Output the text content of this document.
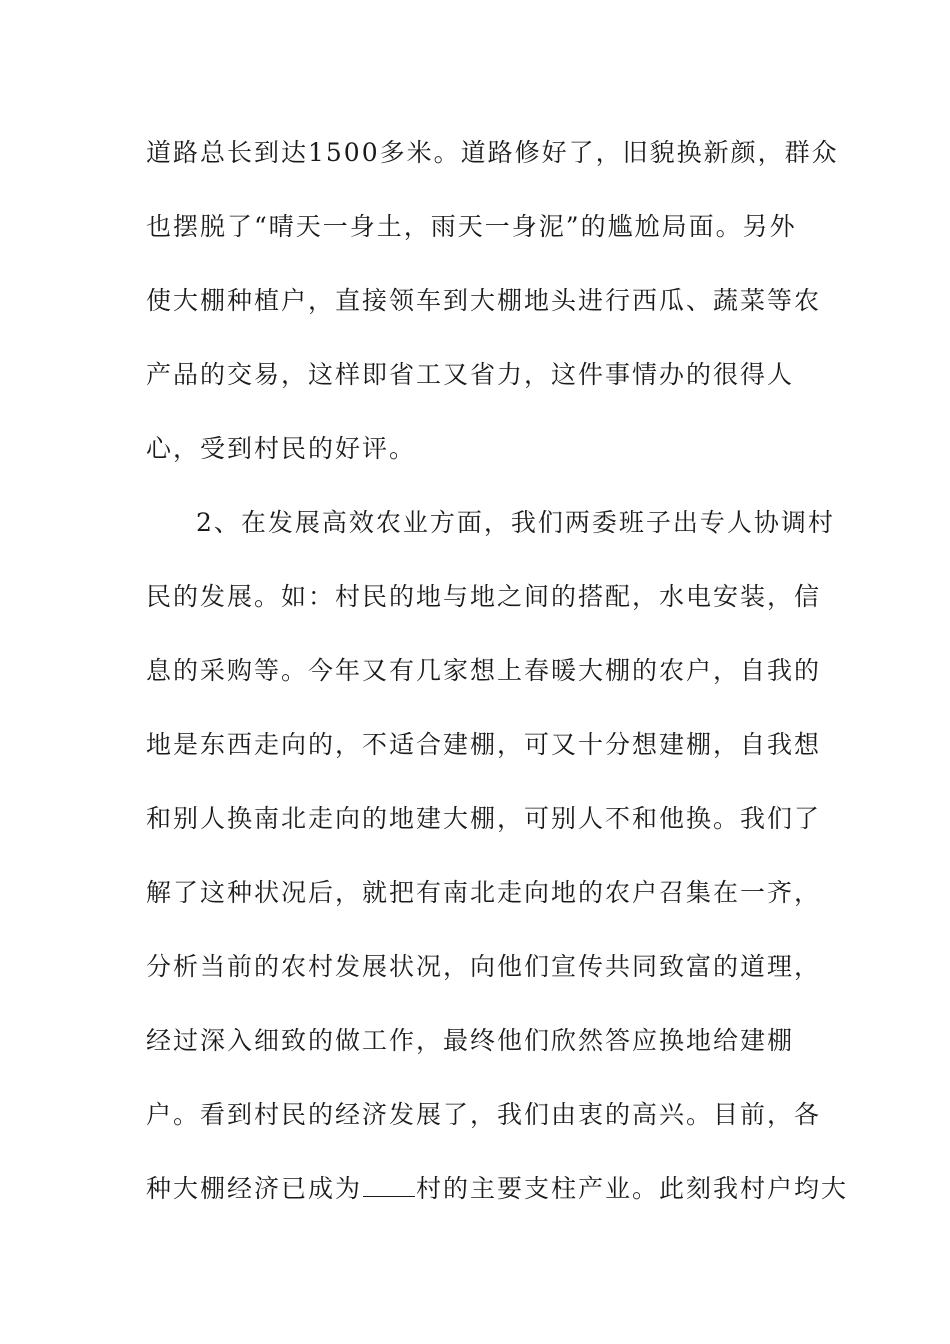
道路总长到达1500多米。道路修好了，旧貌换新颜，群众
也摆脱了“晴天一身土，雨天一身泥”的尴尬局面。另外
使大棚种植户，直接领车到大棚地头进行西瓜、蔬菜等农
产品的交易，这样即省工又省力，这件事情办的很得人
心，受到村民的好评。
2、在发展高效农业方面，我们两委班子出专人协调村
民的发展。如：村民的地与地之间的搭配，水电安装，信
息的采购等。今年又有几家想上春暖大棚的农户，自我的
地是东西走向的，不适合建棚，可又十分想建棚，自我想
和别人换南北走向的地建大棚，可别人不和他换。我们了
解了这种状况后，就把有南北走向地的农户召集在一齐，
分析当前的农村发展状况，向他们宣传共同致富的道理，
经过深入细致的做工作，最终他们欣然答应换地给建棚
户。看到村民的经济发展了，我们由衷的高兴。目前，各
种大棚经济已成为 村的主要支柱产业。此刻我村户均大
